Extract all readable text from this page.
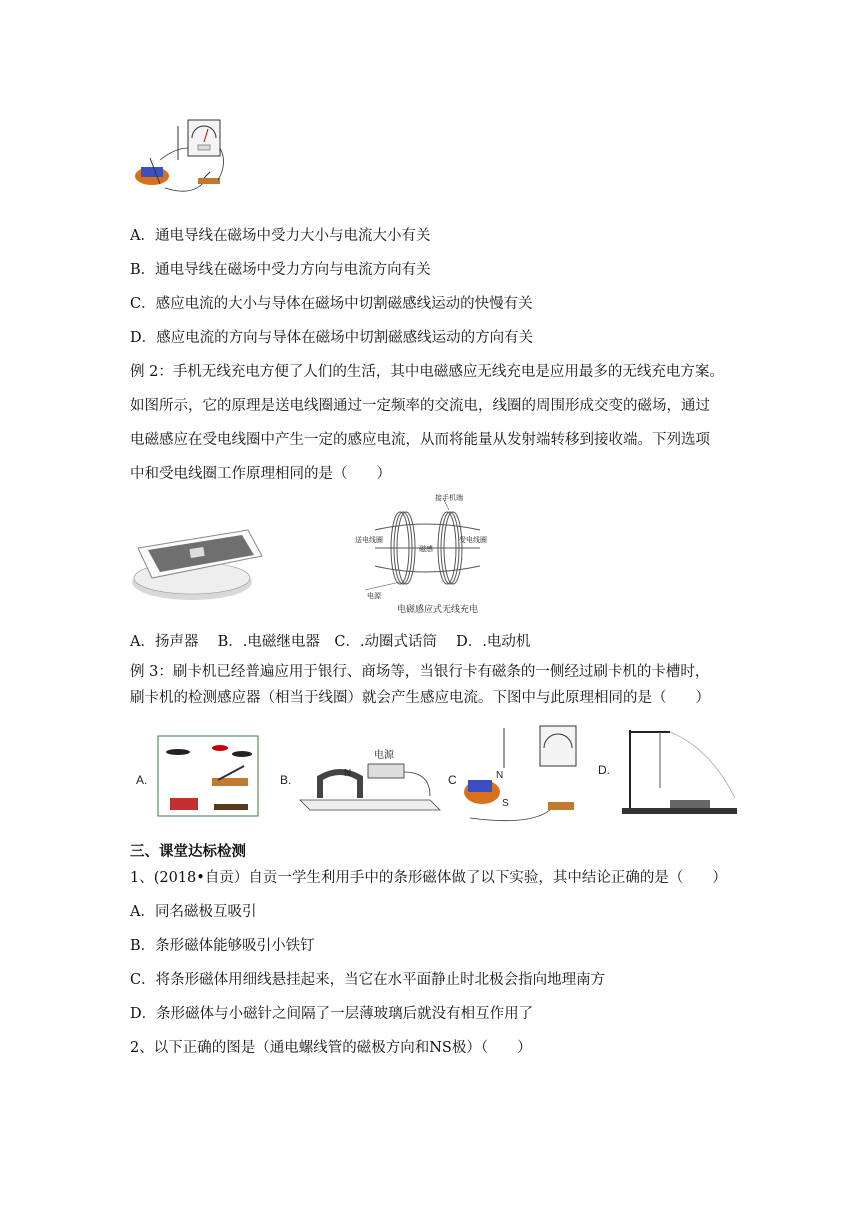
A．通电导线在磁场中受力大小与电流大小有关
B．通电导线在磁场中受力方向与电流方向有关
C．感应电流的大小与导体在磁场中切割磁感线运动的快慢有关
D．感应电流的方向与导体在磁场中切割磁感线运动的方向有关
例 2：手机无线充电方便了人们的生活，其中电磁感应无线充电是应用最多的无线充电方案。
如图所示，它的原理是送电线圈通过一定频率的交流电，线圈的周围形成交变的磁场，通过
电磁感应在受电线圈中产生一定的感应电流，从而将能量从发射端转移到接收端。下列选项
中和受电线圈工作原理相同的是（　　）
接手机端
送电线圈	受电线圈
磁感
电源
电磁感应式无线充电
A．扬声器　 B．.电磁继电器　C．.动圈式话筒　 D．.电动机
例 3：刷卡机已经普遍应用于银行、商场等，当银行卡有磁条的一侧经过刷卡机的卡槽时，
刷卡机的检测感应器（相当于线圈）就会产生感应电流。下图中与此原理相同的是（　　）
A.	B.	N
电源
C	N
S
D.
三、课堂达标检测
1、(2018•自贡）自贡一学生利用手中的条形磁体做了以下实验，其中结论正确的是（　　）
A．同名磁极互吸引
B．条形磁体能够吸引小铁钉
C．将条形磁体用细线悬挂起来，当它在水平面静止时北极会指向地理南方
D．条形磁体与小磁针之间隔了一层薄玻璃后就没有相互作用了
2、以下正确的图是（通电螺线管的磁极方向和NS极）（　　）
